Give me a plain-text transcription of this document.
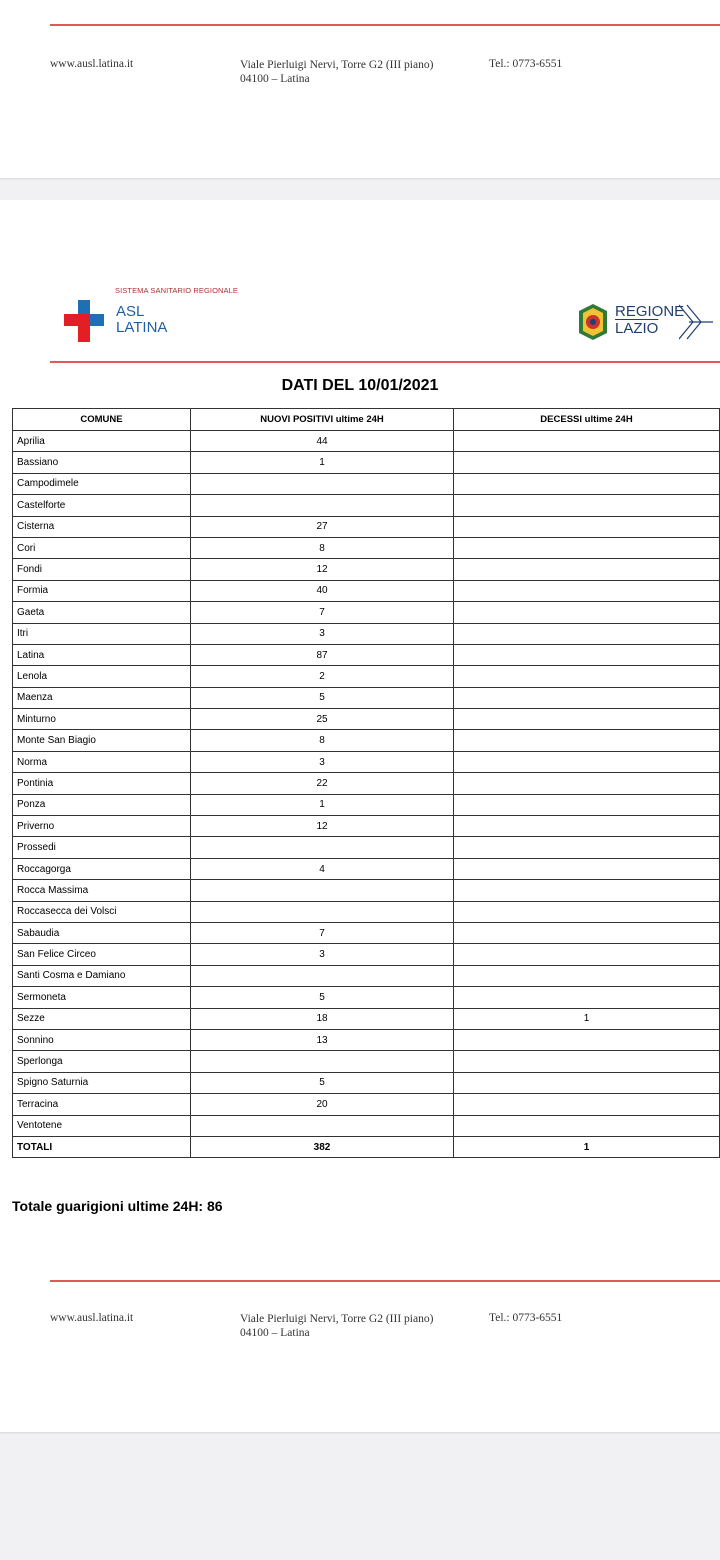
www.ausl.latina.it	Viale Pierluigi Nervi, Torre G2 (III piano)
04100 – Latina
Tel.: 0773-6551
SISTEMA SANITARIO REGIONALE
ASL
LATINA
REGIONE
LAZIO
DATI DEL 10/01/2021
COMUNE	NUOVI POSITIVI ultime 24H	DECESSI ultime 24H
Aprilia	44	
Bassiano	1	
Campodimele		
Castelforte		
Cisterna	27	
Cori	8	
Fondi	12	
Formia	40	
Gaeta	7	
Itri	3	
Latina	87	
Lenola	2	
Maenza	5	
Minturno	25	
Monte San Biagio	8	
Norma	3	
Pontinia	22	
Ponza	1	
Priverno	12	
Prossedi		
Roccagorga	4	
Rocca Massima		
Roccasecca dei Volsci		
Sabaudia	7	
San Felice Circeo	3	
Santi Cosma e Damiano		
Sermoneta	5	
Sezze	18	1
Sonnino	13	
Sperlonga		
Spigno Saturnia	5	
Terracina	20	
Ventotene		
TOTALI	382	1
Totale guarigioni ultime 24H: 86
www.ausl.latina.it	Viale Pierluigi Nervi, Torre G2 (III piano)
04100 – Latina
Tel.: 0773-6551
